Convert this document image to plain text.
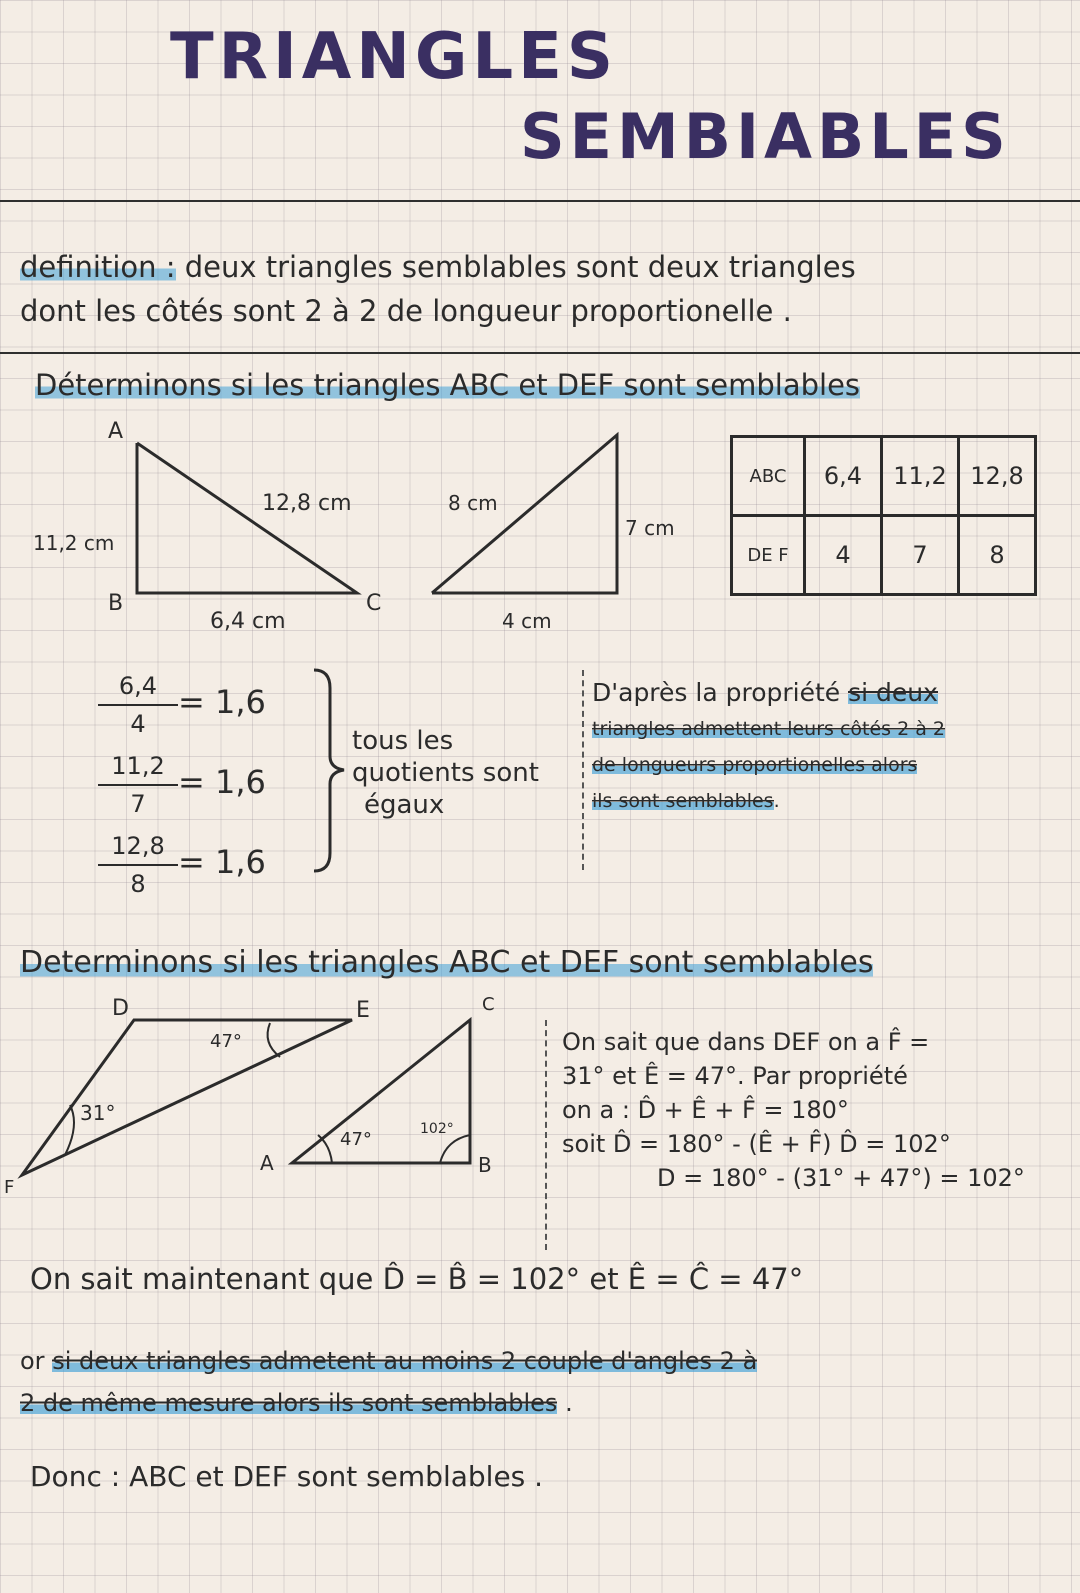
TRIANGLES
SEMBIABLES
definition : deux triangles semblables sont deux triangles
dont les côtés sont 2 à 2 de longueur proportionelle .
Déterminons si les triangles ABC et DEF sont semblables
A
B	C
11,2 cm
6,4 cm
12,8 cm	8 cm
7 cm
4 cm
ABC	6,4	11,2	12,8
DE F	4	7	8
6,4
4
= 1,6
11,2
7
= 1,6
12,8
8
= 1,6
tous les
quotients sont
égaux
D'après la propriété si deux
triangles admettent leurs côtés 2 à 2
de longueurs proportionelles alors
ils sont semblables.
Determinons si les triangles ABC et DEF sont semblables
D	E
F
47°
31°
A	B
C
47°	102°
On sait que dans DEF on a F̂ =
31° et Ê = 47°. Par propriété
on a : D̂ + Ê + F̂ = 180°
soit D̂ = 180° - (Ê + F̂) D̂ = 102°
D = 180° - (31° + 47°) = 102°
On sait maintenant que D̂ = B̂ = 102° et Ê = Ĉ = 47°
or si deux triangles admetent au moins 2 couple d'angles 2 à
2 de même mesure alors ils sont semblables .
Donc : ABC et DEF sont semblables .
